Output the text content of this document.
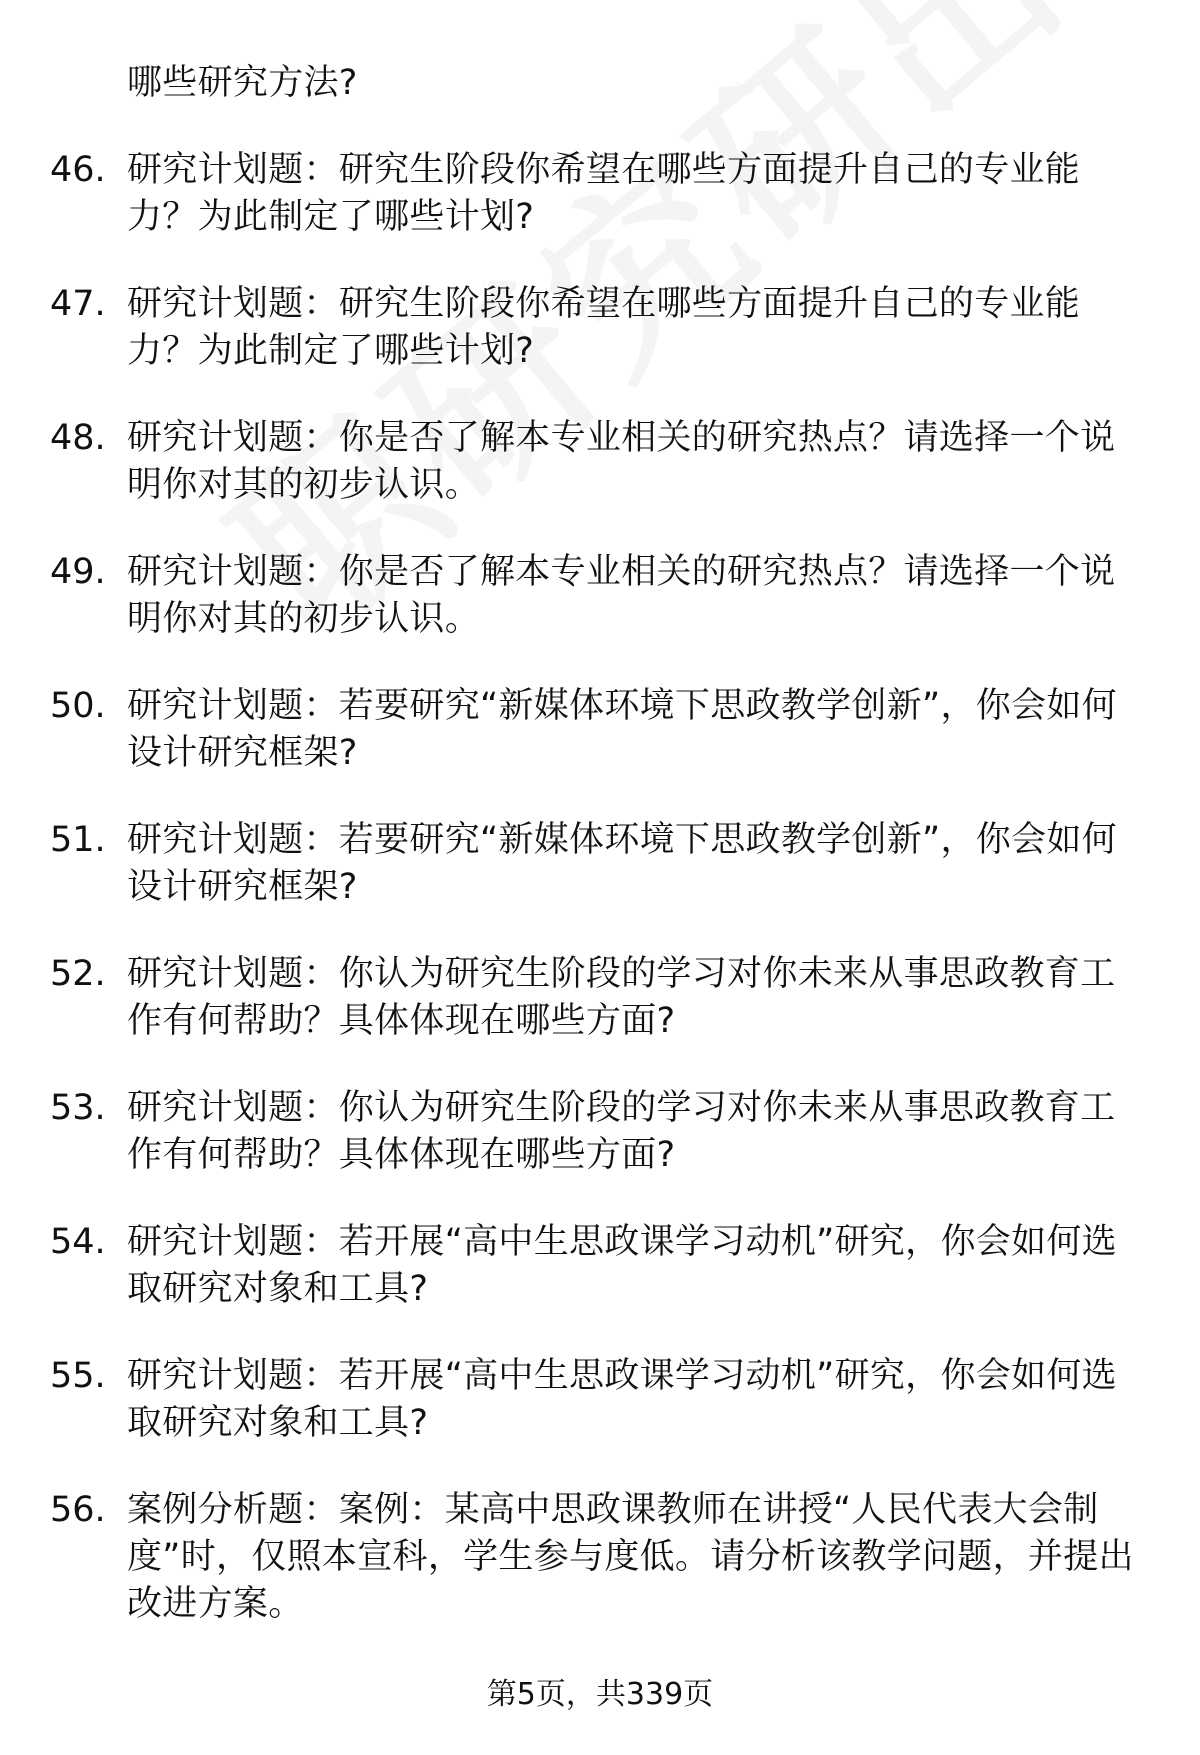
哪些研究方法?
46. 研究计划题：研究生阶段你希望在哪些方面提升自己的专业能力？为此制定了哪些计划?
47. 研究计划题：研究生阶段你希望在哪些方面提升自己的专业能力？为此制定了哪些计划?
48. 研究计划题：你是否了解本专业相关的研究热点？请选择一个说明你对其的初步认识。
49. 研究计划题：你是否了解本专业相关的研究热点？请选择一个说明你对其的初步认识。
50. 研究计划题：若要研究“新媒体环境下思政教学创新”，你会如何设计研究框架?
51. 研究计划题：若要研究“新媒体环境下思政教学创新”，你会如何设计研究框架?
52. 研究计划题：你认为研究生阶段的学习对你未来从事思政教育工作有何帮助？具体体现在哪些方面?
53. 研究计划题：你认为研究生阶段的学习对你未来从事思政教育工作有何帮助？具体体现在哪些方面?
54. 研究计划题：若开展“高中生思政课学习动机”研究，你会如何选取研究对象和工具?
55. 研究计划题：若开展“高中生思政课学习动机”研究，你会如何选取研究对象和工具?
56. 案例分析题：案例：某高中思政课教师在讲授“人民代表大会制度”时，仅照本宣科，学生参与度低。请分析该教学问题，并提出改进方案。
第5页，共339页
